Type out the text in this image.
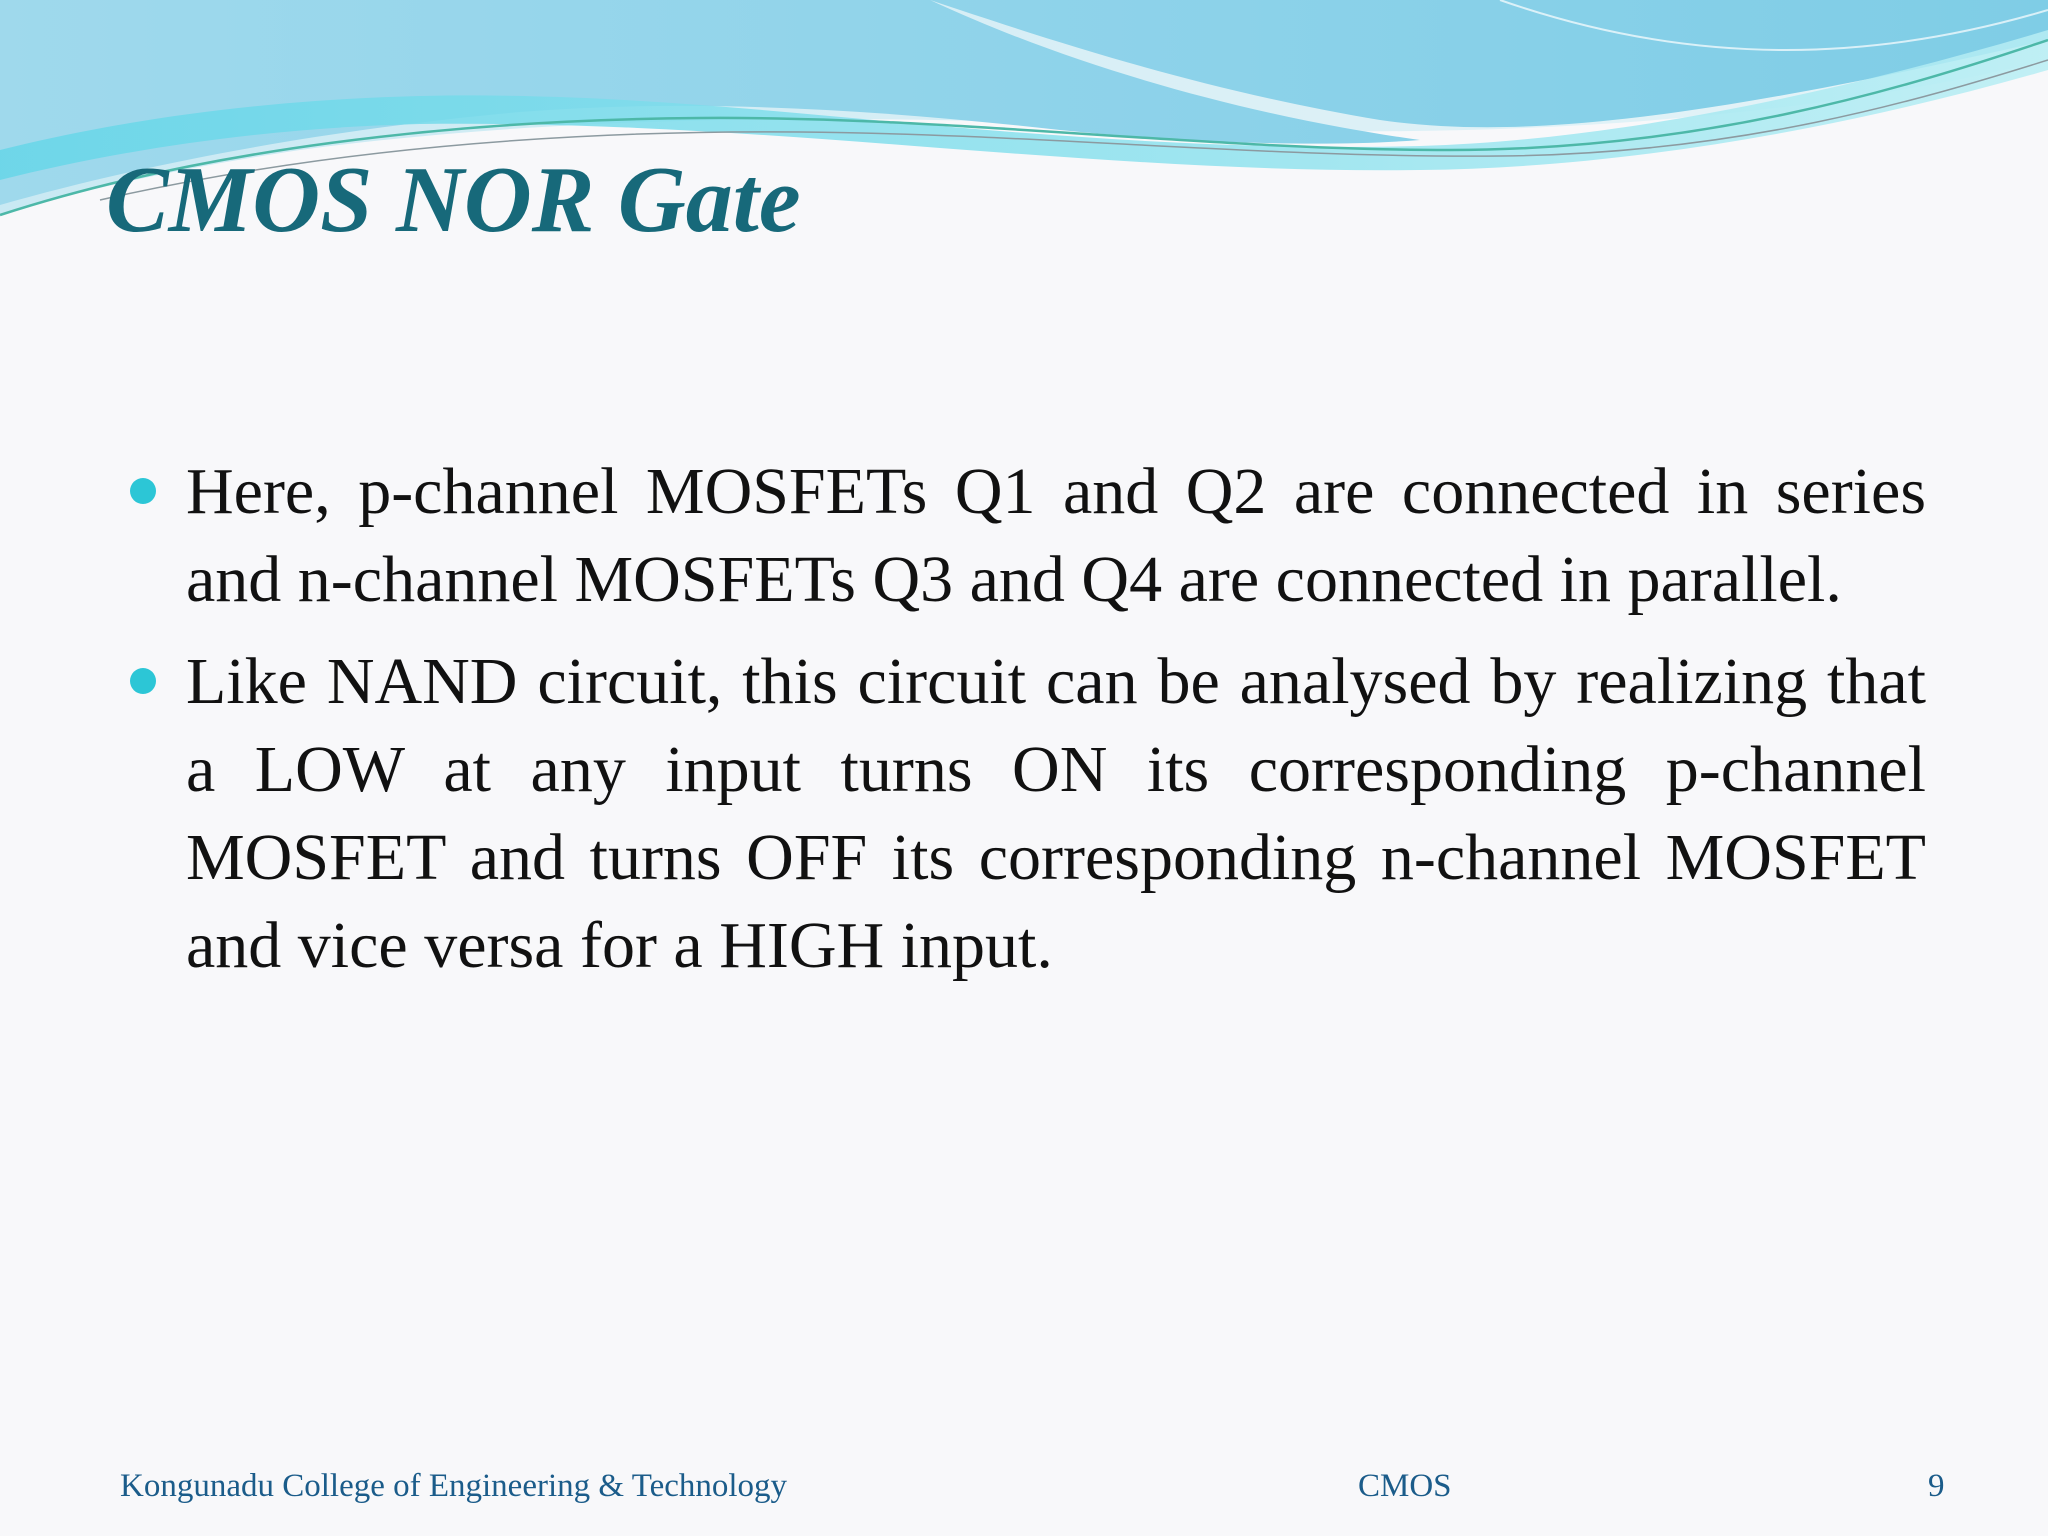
CMOS NOR Gate
Here, p-channel MOSFETs Q1 and Q2 are connected in series and n-channel MOSFETs Q3 and Q4 are connected in parallel.
Like NAND circuit, this circuit can be analysed by realizing that a LOW at any input turns ON its corresponding p-channel MOSFET and turns OFF its corresponding n-channel MOSFET and vice versa for a HIGH input.
Kongunadu College of Engineering & Technology	CMOS	9
